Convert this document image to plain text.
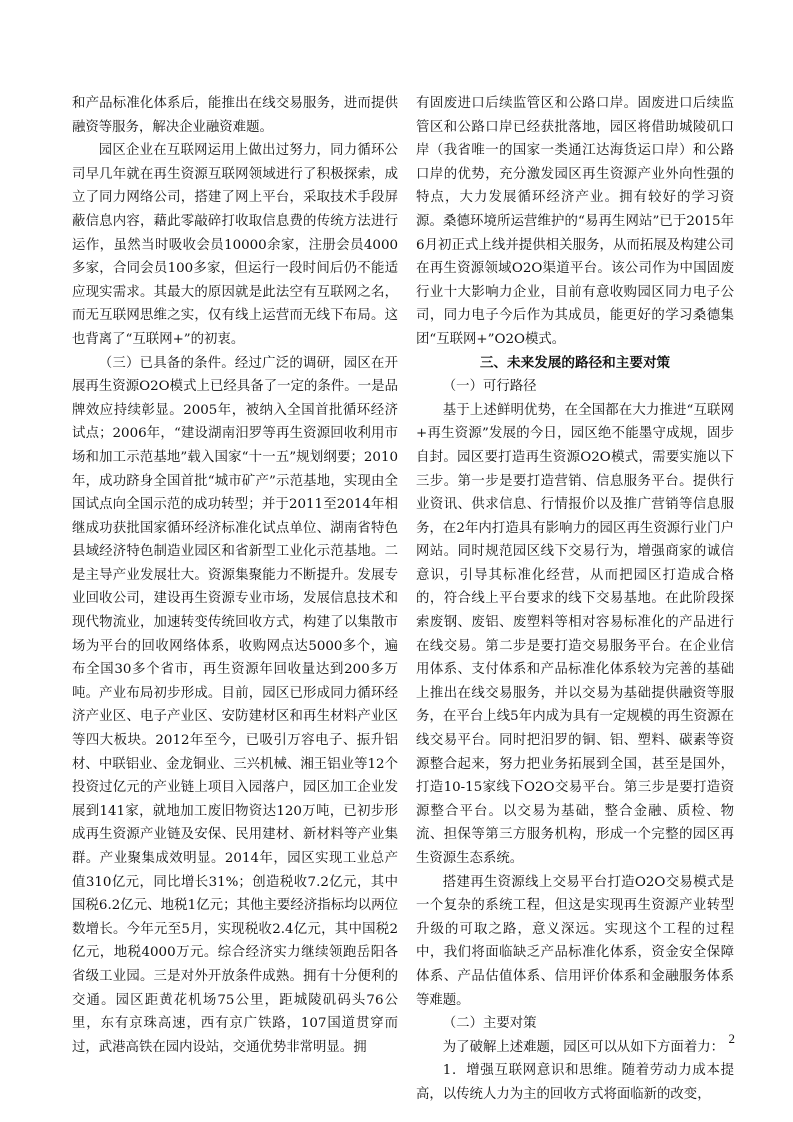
和产品标准化体系后，能推出在线交易服务，进而提供融资等服务，解决企业融资难题。

园区企业在互联网运用上做出过努力，同力循环公司早几年就在再生资源互联网领域进行了积极探索，成立了同力网络公司，搭建了网上平台，采取技术手段屏蔽信息内容，藉此零敲碎打收取信息费的传统方法进行运作，虽然当时吸收会员10000余家，注册会员4000多家，合同会员100多家，但运行一段时间后仍不能适应现实需求。其最大的原因就是此法空有互联网之名，而无互联网思维之实，仅有线上运营而无线下布局。这也背离了“互联网+”的初衷。

（三）已具备的条件。经过广泛的调研，园区在开展再生资源O2O模式上已经具备了一定的条件。一是品牌效应持续彰显。2005年，被纳入全国首批循环经济试点；2006年，“建设湖南汨罗等再生资源回收利用市场和加工示范基地”载入国家“十一五”规划纲要；2010年，成功跻身全国首批“城市矿产”示范基地，实现由全国试点向全国示范的成功转型；并于2011至2014年相继成功获批国家循环经济标准化试点单位、湖南省特色县域经济特色制造业园区和省新型工业化示范基地。二是主导产业发展壮大。资源集聚能力不断提升。发展专业回收公司，建设再生资源专业市场，发展信息技术和现代物流业，加速转变传统回收方式，构建了以集散市场为平台的回收网络体系，收购网点达5000多个，遍布全国30多个省市，再生资源年回收量达到200多万吨。产业布局初步形成。目前，园区已形成同力循环经济产业区、电子产业区、安防建材区和再生材料产业区等四大板块。2012年至今，已吸引万容电子、振升铝材、中联铝业、金龙铜业、三兴机械、湘王铝业等12个投资过亿元的产业链上项目入园落户，园区加工企业发展到141家，就地加工废旧物资达120万吨，已初步形成再生资源产业链及安保、民用建材、新材料等产业集群。产业聚集成效明显。2014年，园区实现工业总产值310亿元，同比增长31%；创造税收7.2亿元，其中国税6.2亿元、地税1亿元；其他主要经济指标均以两位数增长。今年元至5月，实现税收2.4亿元，其中国税2亿元，地税4000万元。综合经济实力继续领跑岳阳各省级工业园。三是对外开放条件成熟。拥有十分便利的交通。园区距黄花机场75公里，距城陵矶码头76公里，东有京珠高速，西有京广铁路，107国道贯穿而过，武港高铁在园内设站，交通优势非常明显。拥

有固废进口后续监管区和公路口岸。固废进口后续监管区和公路口岸已经获批落地，园区将借助城陵矶口岸（我省唯一的国家一类通江达海货运口岸）和公路口岸的优势，充分激发园区再生资源产业外向性强的特点，大力发展循环经济产业。拥有较好的学习资源。桑德环境所运营维护的“易再生网站”已于2015年6月初正式上线并提供相关服务，从而拓展及构建公司在再生资源领域O2O渠道平台。该公司作为中国固废行业十大影响力企业，目前有意收购园区同力电子公司，同力电子今后作为其成员，能更好的学习桑德集团“互联网+”O2O模式。

三、未来发展的路径和主要对策
（一）可行路径

基于上述鲜明优势，在全国都在大力推进“互联网+再生资源”发展的今日，园区绝不能墨守成规，固步自封。园区要打造再生资源O2O模式，需要实施以下三步。第一步是要打造营销、信息服务平台。提供行业资讯、供求信息、行情报价以及推广营销等信息服务，在2年内打造具有影响力的园区再生资源行业门户网站。同时规范园区线下交易行为，增强商家的诚信意识，引导其标准化经营，从而把园区打造成合格的，符合线上平台要求的线下交易基地。在此阶段探索废钢、废铝、废塑料等相对容易标准化的产品进行在线交易。第二步是要打造交易服务平台。在企业信用体系、支付体系和产品标准化体系较为完善的基础上推出在线交易服务，并以交易为基础提供融资等服务，在平台上线5年内成为具有一定规模的再生资源在线交易平台。同时把汨罗的铜、铝、塑料、碳素等资源整合起来，努力把业务拓展到全国，甚至是国外，打造10-15家线下O2O交易平台。第三步是要打造资源整合平台。以交易为基础，整合金融、质检、物流、担保等第三方服务机构，形成一个完整的园区再生资源生态系统。

搭建再生资源线上交易平台打造O2O交易模式是一个复杂的系统工程，但这是实现再生资源产业转型升级的可取之路，意义深远。实现这个工程的过程中，我们将面临缺乏产品标准化体系，资金安全保障体系、产品估值体系、信用评价体系和金融服务体系等难题。

（二）主要对策

为了破解上述难题，园区可以从如下方面着力：

1．增强互联网意识和思维。随着劳动力成本提高，以传统人力为主的回收方式将面临新的改变，

2
